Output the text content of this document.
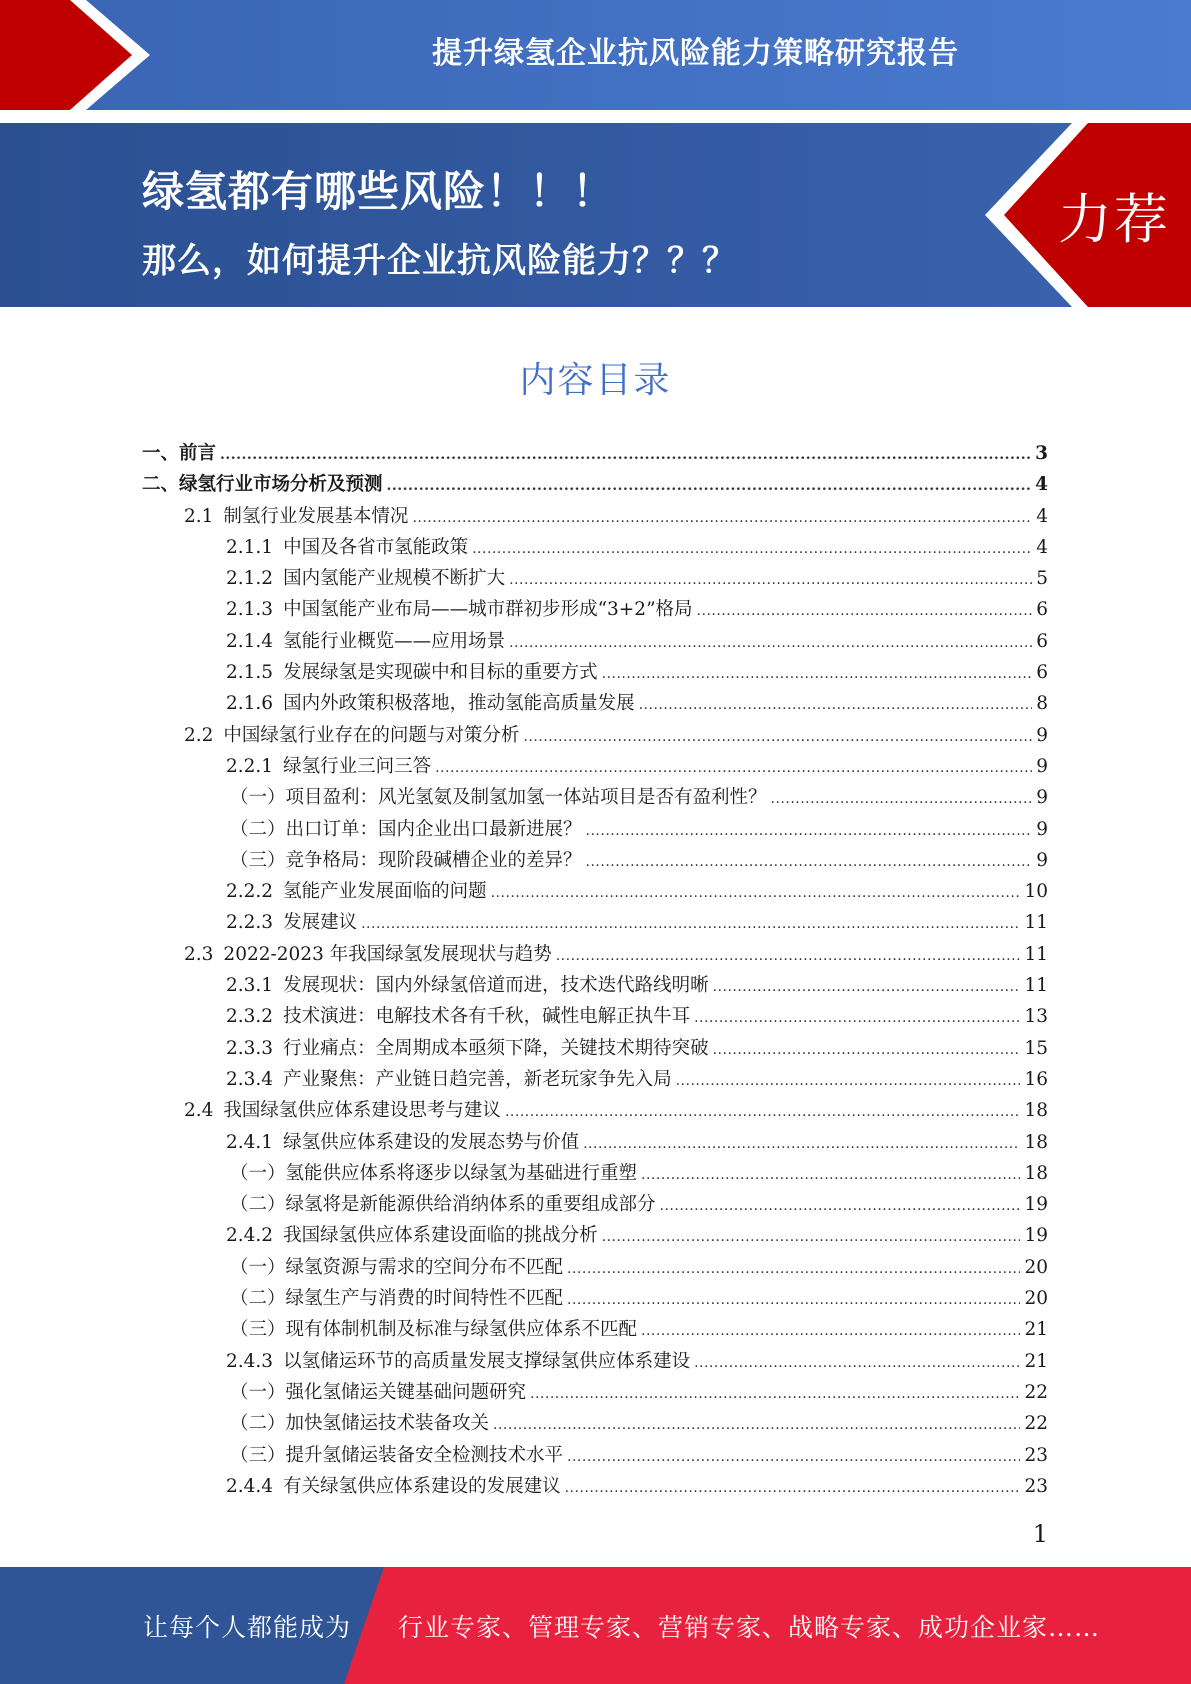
提升绿氢企业抗风险能力策略研究报告
绿氢都有哪些风险！！！
那么，如何提升企业抗风险能力？？？
力荐
内容目录
一、 前言 .....	3
二、 绿氢行业市场分析及预测 .....	4
2.1 制氢行业发展基本情况 .....	4
2.1.1 中国及各省市氢能政策 .....	4
2.1.2 国内氢能产业规模不断扩大 .....	5
2.1.3 中国氢能产业布局——城市群初步形成“3+2”格局 .....	6
2.1.4 氢能行业概览——应用场景 .....	6
2.1.5 发展绿氢是实现碳中和目标的重要方式 .....	6
2.1.6 国内外政策积极落地，推动氢能高质量发展 .....	8
2.2 中国绿氢行业存在的问题与对策分析 .....	9
2.2.1 绿氢行业三问三答 .....	9
（一） 项目盈利：风光氢氨及制氢加氢一体站项目是否有盈利性？ .....	9
（二） 出口订单：国内企业出口最新进展？ .....	9
（三） 竞争格局：现阶段碱槽企业的差异？ .....	9
2.2.2 氢能产业发展面临的问题 .....	10
2.2.3 发展建议 .....	11
2.3 2022-2023 年我国绿氢发展现状与趋势 .....	11
2.3.1 发展现状：国内外绿氢倍道而进，技术迭代路线明晰 .....	11
2.3.2 技术演进：电解技术各有千秋，碱性电解正执牛耳 .....	13
2.3.3 行业痛点：全周期成本亟须下降，关键技术期待突破 .....	15
2.3.4 产业聚焦：产业链日趋完善，新老玩家争先入局 .....	16
2.4 我国绿氢供应体系建设思考与建议 .....	18
2.4.1 绿氢供应体系建设的发展态势与价值 .....	18
（一） 氢能供应体系将逐步以绿氢为基础进行重塑 .....	18
（二） 绿氢将是新能源供给消纳体系的重要组成部分 .....	19
2.4.2 我国绿氢供应体系建设面临的挑战分析 .....	19
（一） 绿氢资源与需求的空间分布不匹配 .....	20
（二） 绿氢生产与消费的时间特性不匹配 .....	20
（三） 现有体制机制及标准与绿氢供应体系不匹配 .....	21
2.4.3 以氢储运环节的高质量发展支撑绿氢供应体系建设 .....	21
（一） 强化氢储运关键基础问题研究 .....	22
（二） 加快氢储运技术装备攻关 .....	22
（三） 提升氢储运装备安全检测技术水平 .....	23
2.4.4 有关绿氢供应体系建设的发展建议 .....	23
1
让每个人都能成为 行业专家、管理专家、营销专家、战略专家、成功企业家……
